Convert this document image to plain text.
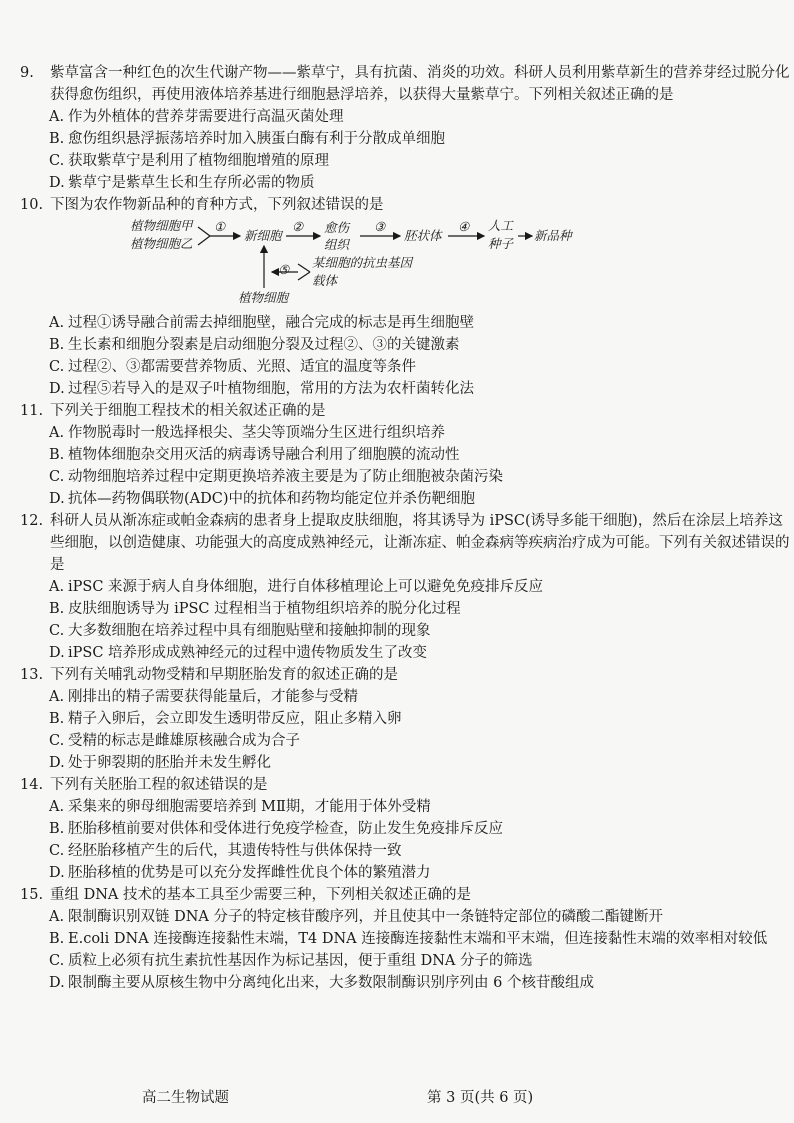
9. 紫草富含一种红色的次生代谢产物——紫草宁，具有抗菌、消炎的功效。科研人员利用紫草新生的营养芽经过脱分化获得愈伤组织，再使用液体培养基进行细胞悬浮培养，以获得大量紫草宁。下列相关叙述正确的是

A. 作为外植体的营养芽需要进行高温灭菌处理

B. 愈伤组织悬浮振荡培养时加入胰蛋白酶有利于分散成单细胞

C. 获取紫草宁是利用了植物细胞增殖的原理

D. 紫草宁是紫草生长和生存所必需的物质

10. 下图为农作物新品种的育种方式，下列叙述错误的是

植物细胞甲
植物细胞乙
①
新细胞
② 愈伤
组织
③
胚状体
④ 人工
种子
新品种
⑤ 某细胞的抗虫基因
载体
植物细胞

A. 过程①诱导融合前需去掉细胞壁，融合完成的标志是再生细胞壁

B. 生长素和细胞分裂素是启动细胞分裂及过程②、③的关键激素

C. 过程②、③都需要营养物质、光照、适宜的温度等条件

D. 过程⑤若导入的是双子叶植物细胞，常用的方法为农杆菌转化法

11. 下列关于细胞工程技术的相关叙述正确的是

A. 作物脱毒时一般选择根尖、茎尖等顶端分生区进行组织培养

B. 植物体细胞杂交用灭活的病毒诱导融合利用了细胞膜的流动性

C. 动物细胞培养过程中定期更换培养液主要是为了防止细胞被杂菌污染

D. 抗体—药物偶联物(ADC)中的抗体和药物均能定位并杀伤靶细胞

12. 科研人员从渐冻症或帕金森病的患者身上提取皮肤细胞，将其诱导为 iPSC(诱导多能干细胞)，然后在涂层上培养这些细胞，以创造健康、功能强大的高度成熟神经元，让渐冻症、帕金森病等疾病治疗成为可能。下列有关叙述错误的是

A. iPSC 来源于病人自身体细胞，进行自体移植理论上可以避免免疫排斥反应

B. 皮肤细胞诱导为 iPSC 过程相当于植物组织培养的脱分化过程

C. 大多数细胞在培养过程中具有细胞贴壁和接触抑制的现象

D. iPSC 培养形成成熟神经元的过程中遗传物质发生了改变

13. 下列有关哺乳动物受精和早期胚胎发育的叙述正确的是

A. 刚排出的精子需要获得能量后，才能参与受精

B. 精子入卵后，会立即发生透明带反应，阻止多精入卵

C. 受精的标志是雌雄原核融合成为合子

D. 处于卵裂期的胚胎并未发生孵化

14. 下列有关胚胎工程的叙述错误的是

A. 采集来的卵母细胞需要培养到 MⅡ期，才能用于体外受精

B. 胚胎移植前要对供体和受体进行免疫学检查，防止发生免疫排斥反应

C. 经胚胎移植产生的后代，其遗传特性与供体保持一致

D. 胚胎移植的优势是可以充分发挥雌性优良个体的繁殖潜力

15. 重组 DNA 技术的基本工具至少需要三种，下列相关叙述正确的是

A. 限制酶识别双链 DNA 分子的特定核苷酸序列，并且使其中一条链特定部位的磷酸二酯键断开

B. E.coli DNA 连接酶连接黏性末端，T4 DNA 连接酶连接黏性末端和平末端，但连接黏性末端的效率相对较低

C. 质粒上必须有抗生素抗性基因作为标记基因，便于重组 DNA 分子的筛选

D. 限制酶主要从原核生物中分离纯化出来，大多数限制酶识别序列由 6 个核苷酸组成

高二生物试题	第 3 页(共 6 页)
